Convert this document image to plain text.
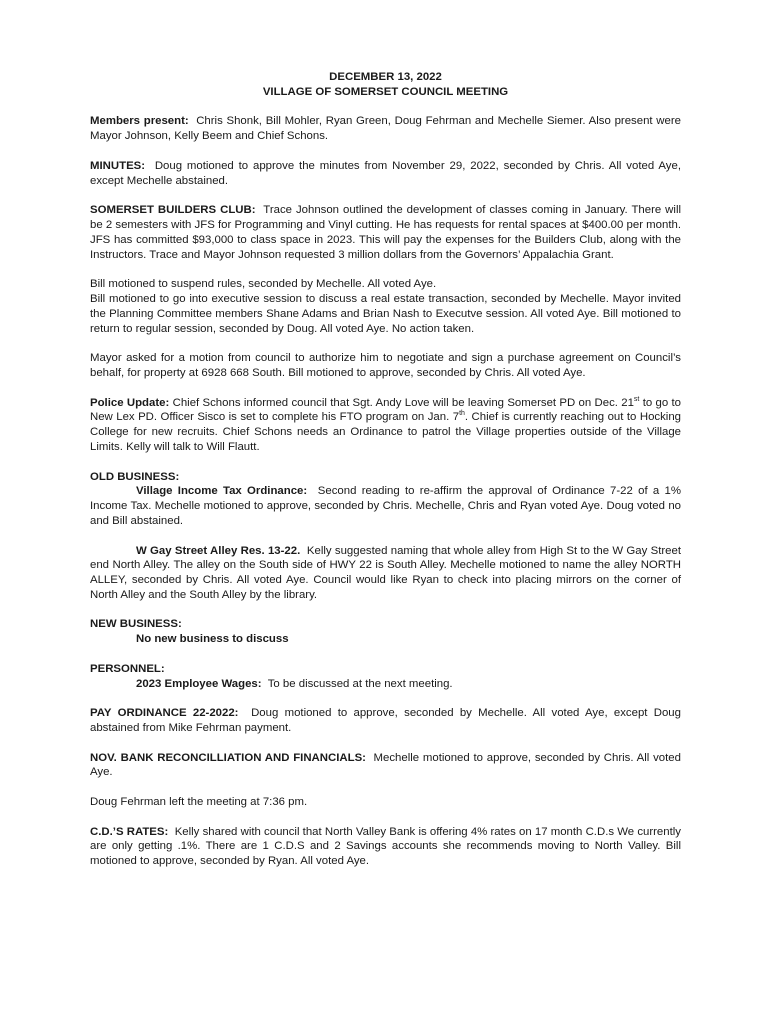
DECEMBER 13, 2022
VILLAGE OF SOMERSET COUNCIL MEETING

Members present: Chris Shonk, Bill Mohler, Ryan Green, Doug Fehrman and Mechelle Siemer. Also present were Mayor Johnson, Kelly Beem and Chief Schons.

MINUTES: Doug motioned to approve the minutes from November 29, 2022, seconded by Chris. All voted Aye, except Mechelle abstained.

SOMERSET BUILDERS CLUB: Trace Johnson outlined the development of classes coming in January. There will be 2 semesters with JFS for Programming and Vinyl cutting. He has requests for rental spaces at $400.00 per month. JFS has committed $93,000 to class space in 2023. This will pay the expenses for the Builders Club, along with the Instructors. Trace and Mayor Johnson requested 3 million dollars from the Governors’ Appalachia Grant.

Bill motioned to suspend rules, seconded by Mechelle. All voted Aye.

Bill motioned to go into executive session to discuss a real estate transaction, seconded by Mechelle. Mayor invited the Planning Committee members Shane Adams and Brian Nash to Executve session. All voted Aye. Bill motioned to return to regular session, seconded by Doug. All voted Aye. No action taken.

Mayor asked for a motion from council to authorize him to negotiate and sign a purchase agreement on Council’s behalf, for property at 6928 668 South. Bill motioned to approve, seconded by Chris. All voted Aye.

Police Update: Chief Schons informed council that Sgt. Andy Love will be leaving Somerset PD on Dec. 21st to go to New Lex PD. Officer Sisco is set to complete his FTO program on Jan. 7th. Chief is currently reaching out to Hocking College for new recruits. Chief Schons needs an Ordinance to patrol the Village properties outside of the Village Limits. Kelly will talk to Will Flautt.

OLD BUSINESS:

Village Income Tax Ordinance: Second reading to re-affirm the approval of Ordinance 7-22 of a 1% Income Tax. Mechelle motioned to approve, seconded by Chris. Mechelle, Chris and Ryan voted Aye. Doug voted no and Bill abstained.

W Gay Street Alley Res. 13-22. Kelly suggested naming that whole alley from High St to the W Gay Street end North Alley. The alley on the South side of HWY 22 is South Alley. Mechelle motioned to name the alley NORTH ALLEY, seconded by Chris. All voted Aye. Council would like Ryan to check into placing mirrors on the corner of North Alley and the South Alley by the library.

NEW BUSINESS:

No new business to discuss

PERSONNEL:

2023 Employee Wages: To be discussed at the next meeting.

PAY ORDINANCE 22-2022: Doug motioned to approve, seconded by Mechelle. All voted Aye, except Doug abstained from Mike Fehrman payment.

NOV. BANK RECONCILLIATION AND FINANCIALS: Mechelle motioned to approve, seconded by Chris. All voted Aye.

Doug Fehrman left the meeting at 7:36 pm.

C.D.’S RATES: Kelly shared with council that North Valley Bank is offering 4% rates on 17 month C.D.s We currently are only getting .1%. There are 1 C.D.S and 2 Savings accounts she recommends moving to North Valley. Bill motioned to approve, seconded by Ryan. All voted Aye.
